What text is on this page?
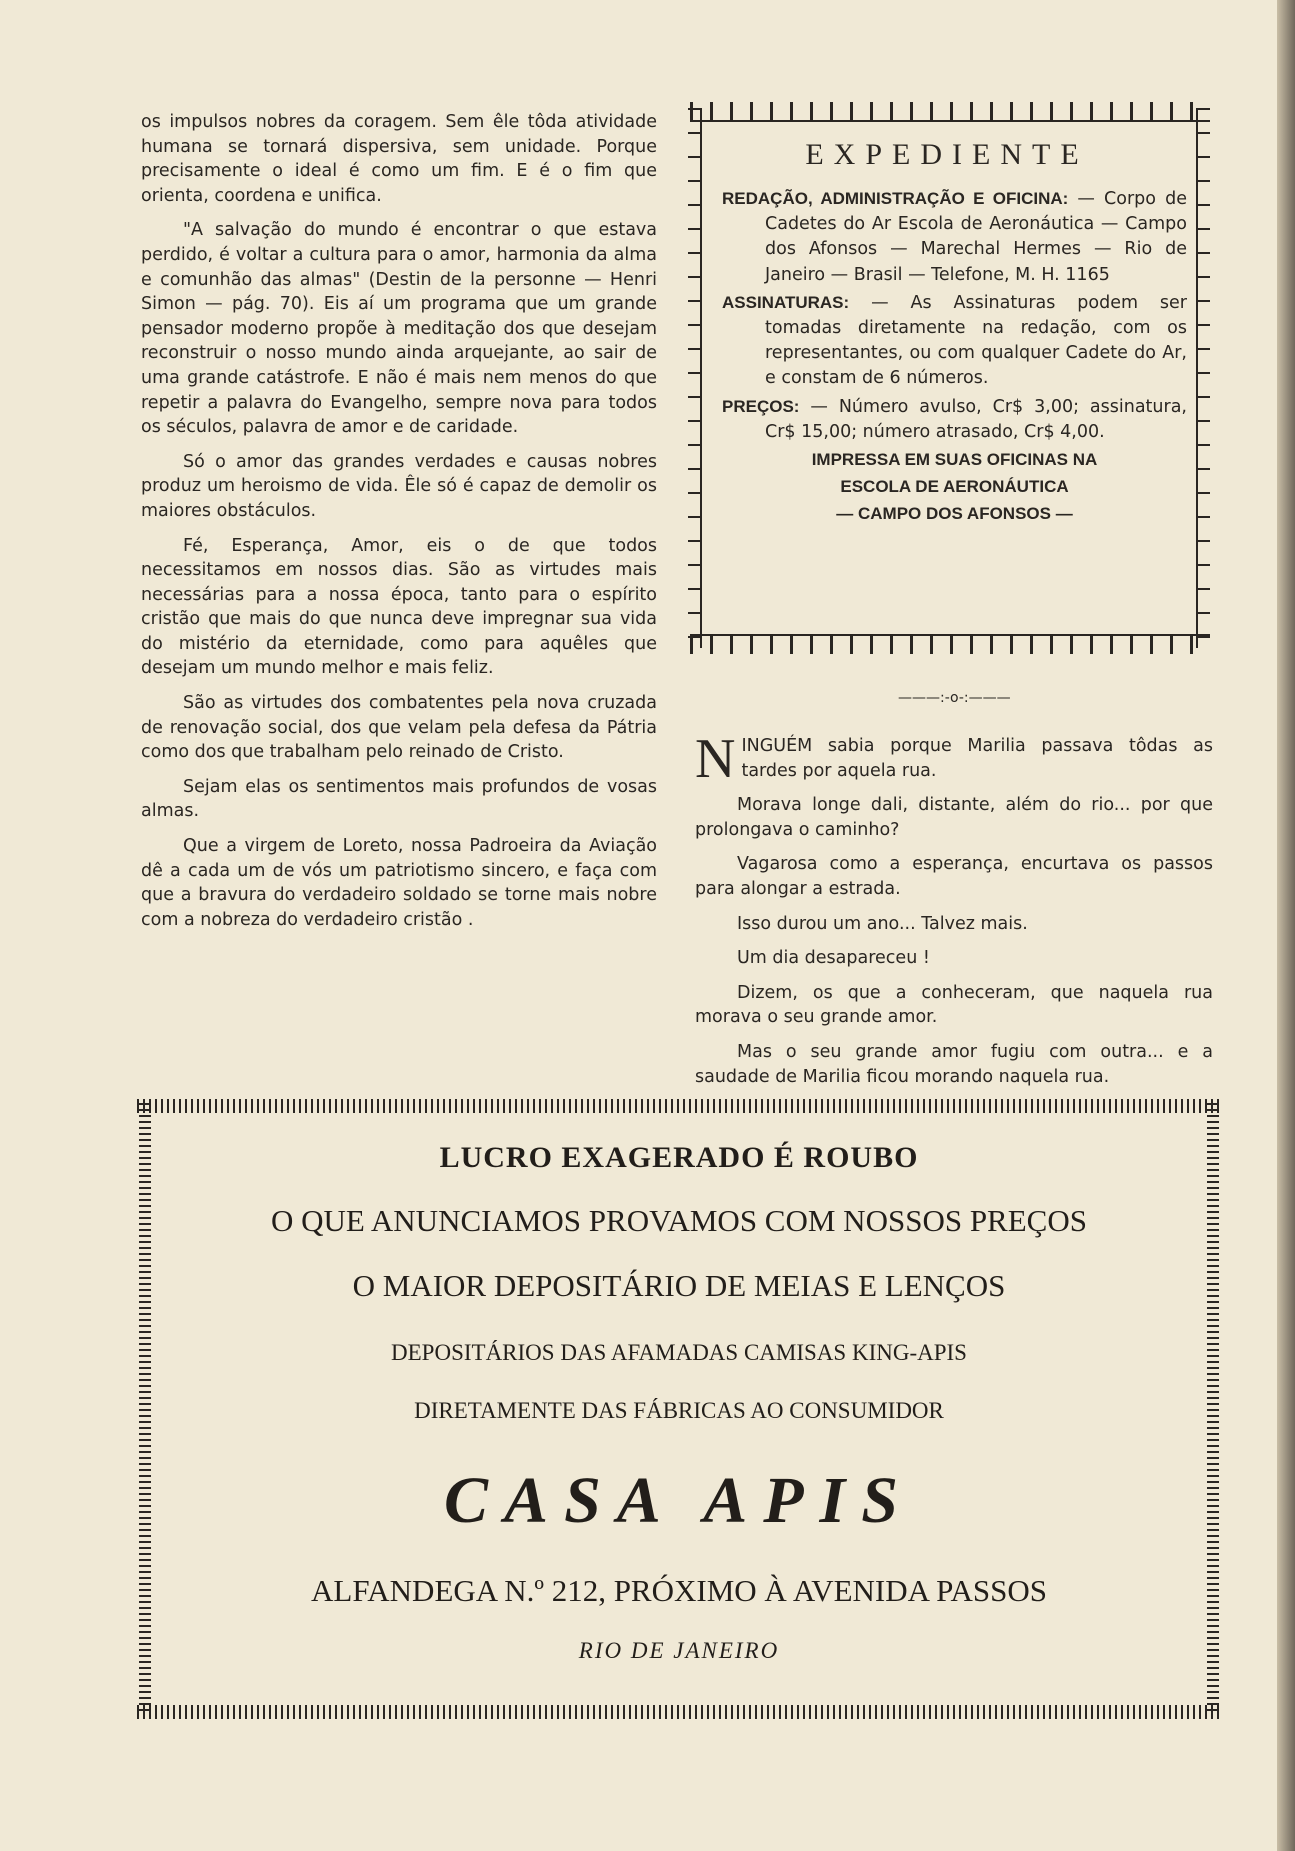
os impulsos nobres da coragem. Sem êle tôda atividade humana se tornará dispersiva, sem unidade. Porque precisamente o ideal é como um fim. E é o fim que orienta, coordena e unifica.

"A salvação do mundo é encontrar o que estava perdido, é voltar a cultura para o amor, harmonia da alma e comunhão das almas" (Destin de la personne — Henri Simon — pág. 70). Eis aí um programa que um grande pensador moderno propõe à meditação dos que desejam reconstruir o nosso mundo ainda arquejante, ao sair de uma grande catástrofe. E não é mais nem menos do que repetir a palavra do Evangelho, sempre nova para todos os séculos, palavra de amor e de caridade.

Só o amor das grandes verdades e causas nobres produz um heroismo de vida. Êle só é capaz de demolir os maiores obstáculos.

Fé, Esperança, Amor, eis o de que todos necessitamos em nossos dias. São as virtudes mais necessárias para a nossa época, tanto para o espírito cristão que mais do que nunca deve impregnar sua vida do mistério da eternidade, como para aquêles que desejam um mundo melhor e mais feliz.

São as virtudes dos combatentes pela nova cruzada de renovação social, dos que velam pela defesa da Pátria como dos que trabalham pelo reinado de Cristo.

Sejam elas os sentimentos mais profundos de vosas almas.

Que a virgem de Loreto, nossa Padroeira da Aviação dê a cada um de vós um patriotismo sincero, e faça com que a bravura do verdadeiro soldado se torne mais nobre com a nobreza do verdadeiro cristão .

EXPEDIENTE

REDAÇÃO, ADMINISTRAÇÃO E OFICINA: — Corpo de Cadetes do Ar Escola de Aeronáutica — Campo dos Afonsos — Marechal Hermes — Rio de Janeiro — Brasil — Telefone, M. H. 1165

ASSINATURAS: — As Assinaturas podem ser tomadas diretamente na redação, com os representantes, ou com qualquer Cadete do Ar, e constam de 6 números.

PREÇOS: — Número avulso, Cr$ 3,00; assinatura, Cr$ 15,00; número atrasado, Cr$ 4,00.

IMPRESSA EM SUAS OFICINAS NA

ESCOLA DE AERONÁUTICA

— CAMPO DOS AFONSOS —

———:-o-:———

NINGUÉM sabia porque Marilia passava tôdas as tardes por aquela rua.

Morava longe dali, distante, além do rio... por que prolongava o caminho?

Vagarosa como a esperança, encurtava os passos para alongar a estrada.

Isso durou um ano... Talvez mais.

Um dia desapareceu !

Dizem, os que a conheceram, que naquela rua morava o seu grande amor.

Mas o seu grande amor fugiu com outra... e a saudade de Marilia ficou morando naquela rua.

LUCRO EXAGERADO É ROUBO
O QUE ANUNCIAMOS PROVAMOS COM NOSSOS PREÇOS
O MAIOR DEPOSITÁRIO DE MEIAS E LENÇOS
DEPOSITÁRIOS DAS AFAMADAS CAMISAS KING-APIS
DIRETAMENTE DAS FÁBRICAS AO CONSUMIDOR
CASA APIS
ALFANDEGA N.º 212, PRÓXIMO À AVENIDA PASSOS
RIO DE JANEIRO
